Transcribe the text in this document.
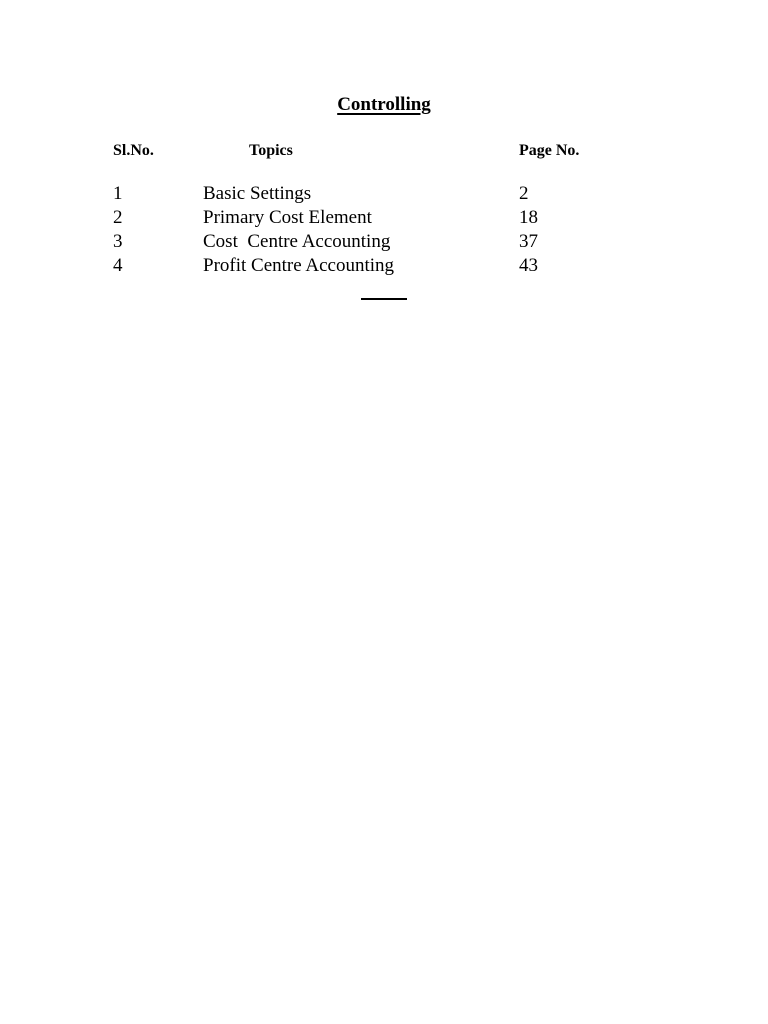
Controlling
Sl.No.	Topics	Page No.
1	Basic Settings	2
2	Primary Cost Element	18
3	Cost  Centre Accounting	37
4	Profit Centre Accounting	43
